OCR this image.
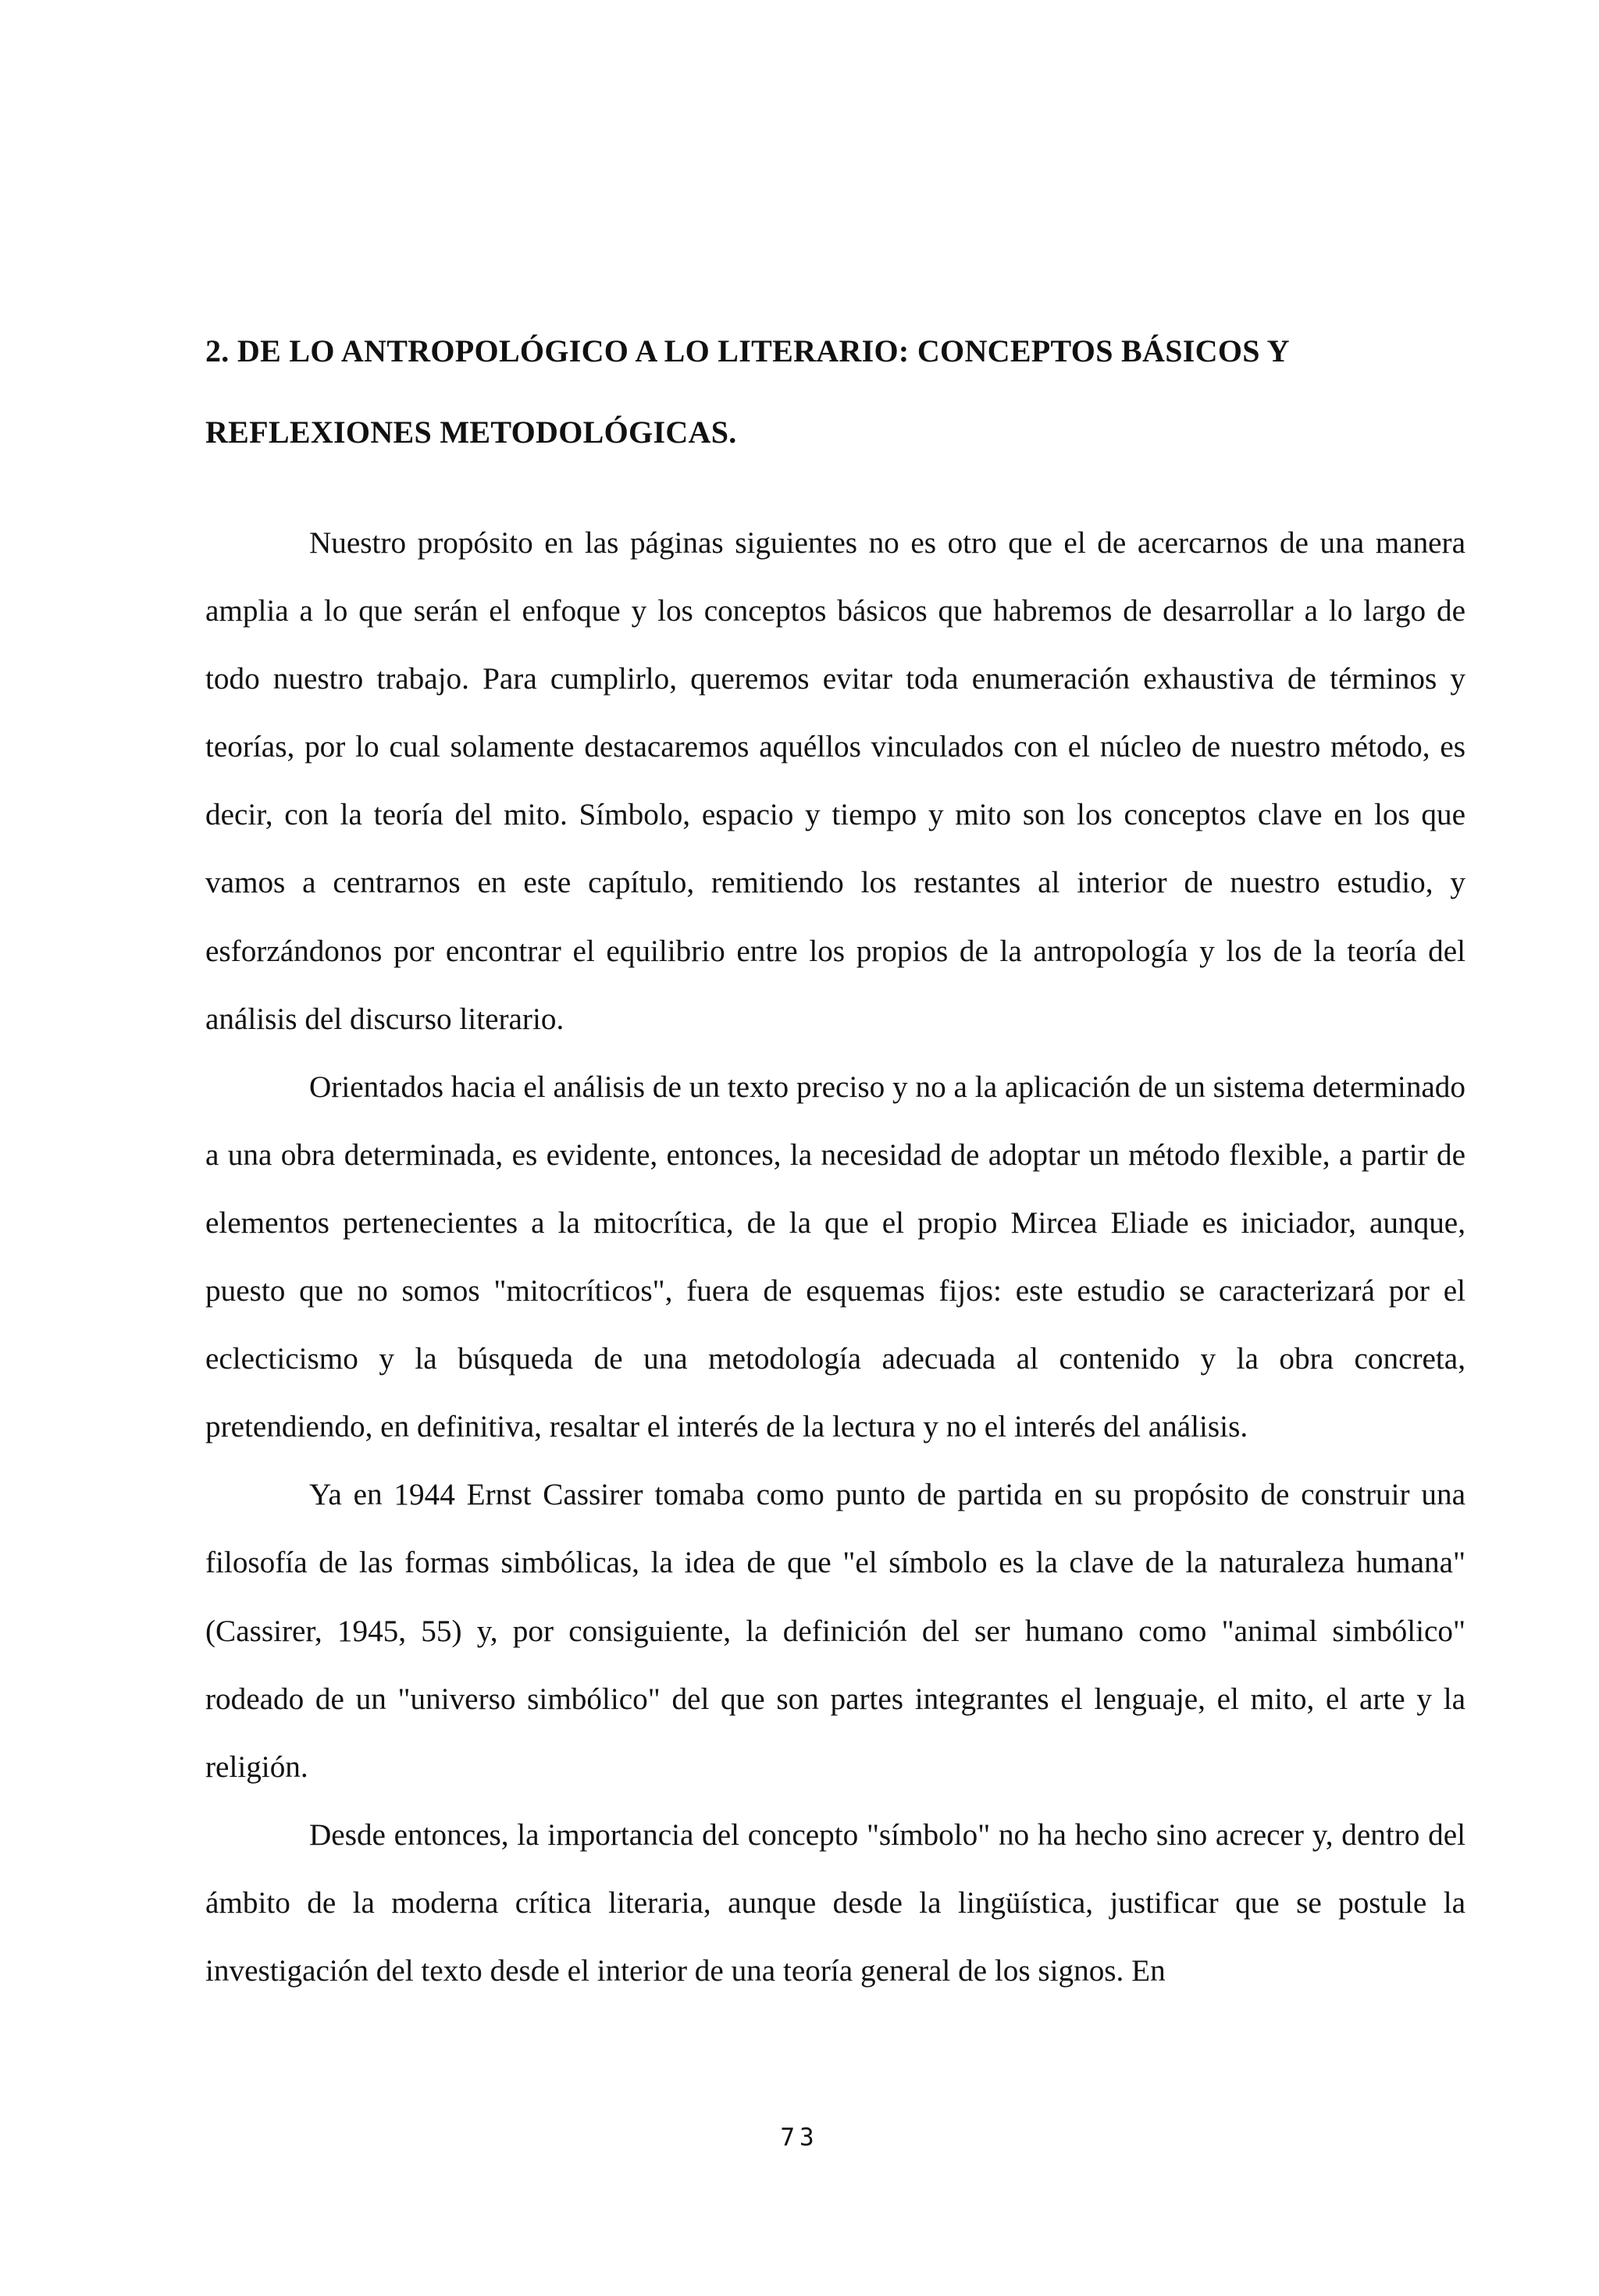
2. DE LO ANTROPOLÓGICO A LO LITERARIO: CONCEPTOS BÁSICOS Y REFLEXIONES METODOLÓGICAS.

Nuestro propósito en las páginas siguientes no es otro que el de acercarnos de una manera amplia a lo que serán el enfoque y los conceptos básicos que habremos de desarrollar a lo largo de todo nuestro trabajo. Para cumplirlo, queremos evitar toda enumeración exhaustiva de términos y teorías, por lo cual solamente destacaremos aquéllos vinculados con el núcleo de nuestro método, es decir, con la teoría del mito. Símbolo, espacio y tiempo y mito son los conceptos clave en los que vamos a centrarnos en este capítulo, remitiendo los restantes al interior de nuestro estudio, y esforzándonos por encontrar el equilibrio entre los propios de la antropología y los de la teoría del análisis del discurso literario.

Orientados hacia el análisis de un texto preciso y no a la aplicación de un sistema determinado a una obra determinada, es evidente, entonces, la necesidad de adoptar un método flexible, a partir de elementos pertenecientes a la mitocrítica, de la que el propio Mircea Eliade es iniciador, aunque, puesto que no somos "mitocríticos", fuera de esquemas fijos: este estudio se caracterizará por el eclecticismo y la búsqueda de una metodología adecuada al contenido y la obra concreta, pretendiendo, en definitiva, resaltar el interés de la lectura y no el interés del análisis.

Ya en 1944 Ernst Cassirer tomaba como punto de partida en su propósito de construir una filosofía de las formas simbólicas, la idea de que "el símbolo es la clave de la naturaleza humana" (Cassirer, 1945, 55) y, por consiguiente, la definición del ser humano como "animal simbólico" rodeado de un "universo simbólico" del que son partes integrantes el lenguaje, el mito, el arte y la religión.

Desde entonces, la importancia del concepto "símbolo" no ha hecho sino acrecer y, dentro del ámbito de la moderna crítica literaria, aunque desde la lingüística, justificar que se postule la investigación del texto desde el interior de una teoría general de los signos. En

73
